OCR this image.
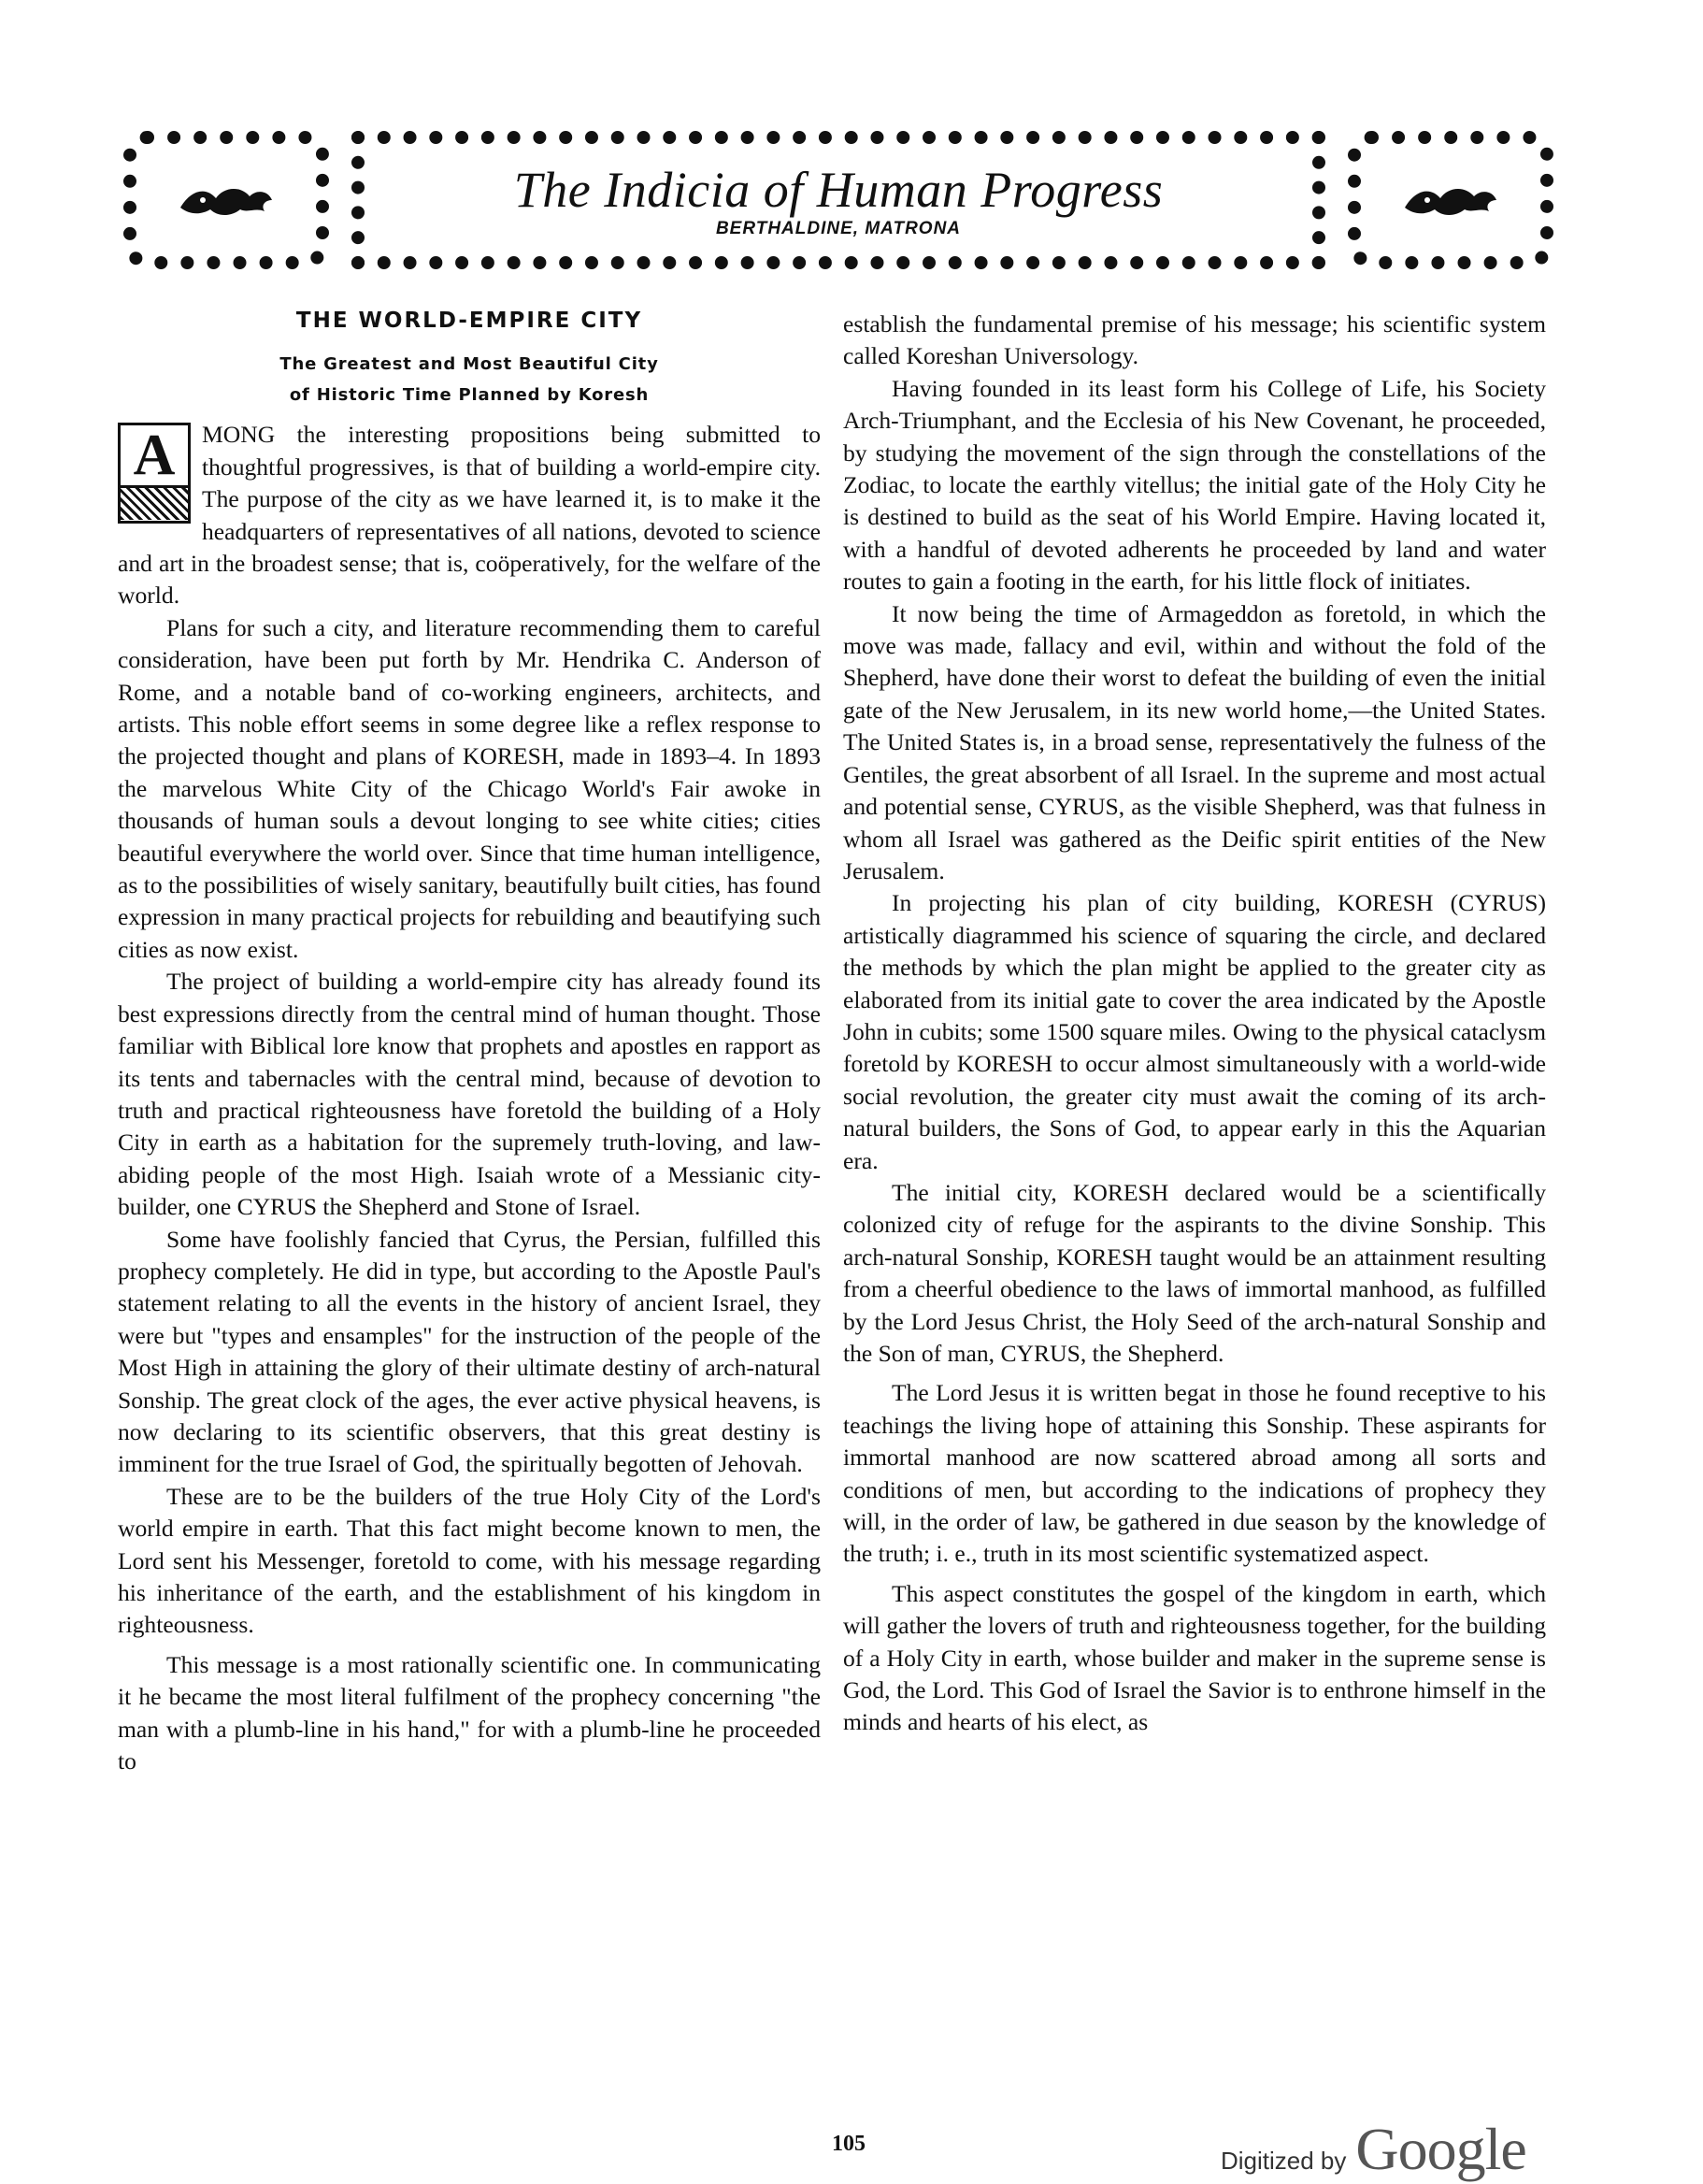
The Indicia of Human Progress
BERTHALDINE, MATRONA
THE WORLD-EMPIRE CITY
The Greatest and Most Beautiful City
of Historic Time Planned by Koresh

A	MONG the interesting propositions being submitted to thoughtful progressives, is that of building a world-empire city. The purpose of the city as we have learned it, is to make it the headquarters of representatives of all nations, devoted to science and art in the broadest sense; that is, coöperatively, for the welfare of the world.

Plans for such a city, and literature recommending them to careful consideration, have been put forth by Mr. Hendrika C. Anderson of Rome, and a notable band of co-working engineers, architects, and artists. This noble effort seems in some degree like a reflex response to the projected thought and plans of KORESH, made in 1893–4. In 1893 the marvelous White City of the Chicago World's Fair awoke in thousands of human souls a devout longing to see white cities; cities beautiful everywhere the world over. Since that time human intelligence, as to the possibilities of wisely sanitary, beautifully built cities, has found expression in many practical projects for rebuilding and beautifying such cities as now exist.

The project of building a world-empire city has already found its best expressions directly from the central mind of human thought. Those familiar with Biblical lore know that prophets and apostles en rapport as its tents and tabernacles with the central mind, because of devotion to truth and practical righteousness have foretold the building of a Holy City in earth as a habitation for the supremely truth-loving, and law-abiding people of the most High. Isaiah wrote of a Messianic city-builder, one CYRUS the Shepherd and Stone of Israel.

Some have foolishly fancied that Cyrus, the Persian, fulfilled this prophecy completely. He did in type, but according to the Apostle Paul's statement relating to all the events in the history of ancient Israel, they were but "types and ensamples" for the instruction of the people of the Most High in attaining the glory of their ultimate destiny of arch-natural Sonship. The great clock of the ages, the ever active physical heavens, is now declaring to its scientific observers, that this great destiny is imminent for the true Israel of God, the spiritually begotten of Jehovah.

These are to be the builders of the true Holy City of the Lord's world empire in earth. That this fact might become known to men, the Lord sent his Messenger, foretold to come, with his message regarding his inheritance of the earth, and the establishment of his kingdom in righteousness.

This message is a most rationally scientific one. In communicating it he became the most literal fulfilment of the prophecy concerning "the man with a plumb-line in his hand," for with a plumb-line he proceeded to

establish the fundamental premise of his message; his scientific system called Koreshan Universology.

Having founded in its least form his College of Life, his Society Arch-Triumphant, and the Ecclesia of his New Covenant, he proceeded, by studying the movement of the sign through the constellations of the Zodiac, to locate the earthly vitellus; the initial gate of the Holy City he is destined to build as the seat of his World Empire. Having located it, with a handful of devoted adherents he proceeded by land and water routes to gain a footing in the earth, for his little flock of initiates.

It now being the time of Armageddon as foretold, in which the move was made, fallacy and evil, within and without the fold of the Shepherd, have done their worst to defeat the building of even the initial gate of the New Jerusalem, in its new world home,—the United States. The United States is, in a broad sense, representatively the fulness of the Gentiles, the great absorbent of all Israel. In the supreme and most actual and potential sense, CYRUS, as the visible Shepherd, was that fulness in whom all Israel was gathered as the Deific spirit entities of the New Jerusalem.

In projecting his plan of city building, KORESH (CYRUS) artistically diagrammed his science of squaring the circle, and declared the methods by which the plan might be applied to the greater city as elaborated from its initial gate to cover the area indicated by the Apostle John in cubits; some 1500 square miles. Owing to the physical cataclysm foretold by KORESH to occur almost simultaneously with a world-wide social revolution, the greater city must await the coming of its arch-natural builders, the Sons of God, to appear early in this the Aquarian era.

The initial city, KORESH declared would be a scientifically colonized city of refuge for the aspirants to the divine Sonship. This arch-natural Sonship, KORESH taught would be an attainment resulting from a cheerful obedience to the laws of immortal manhood, as fulfilled by the Lord Jesus Christ, the Holy Seed of the arch-natural Sonship and the Son of man, CYRUS, the Shepherd.

The Lord Jesus it is written begat in those he found receptive to his teachings the living hope of attaining this Sonship. These aspirants for immortal manhood are now scattered abroad among all sorts and conditions of men, but according to the indications of prophecy they will, in the order of law, be gathered in due season by the knowledge of the truth; i. e., truth in its most scientific systematized aspect.

This aspect constitutes the gospel of the kingdom in earth, which will gather the lovers of truth and righteousness together, for the building of a Holy City in earth, whose builder and maker in the supreme sense is God, the Lord. This God of Israel the Savior is to enthrone himself in the minds and hearts of his elect, as

105
Digitized by Google
